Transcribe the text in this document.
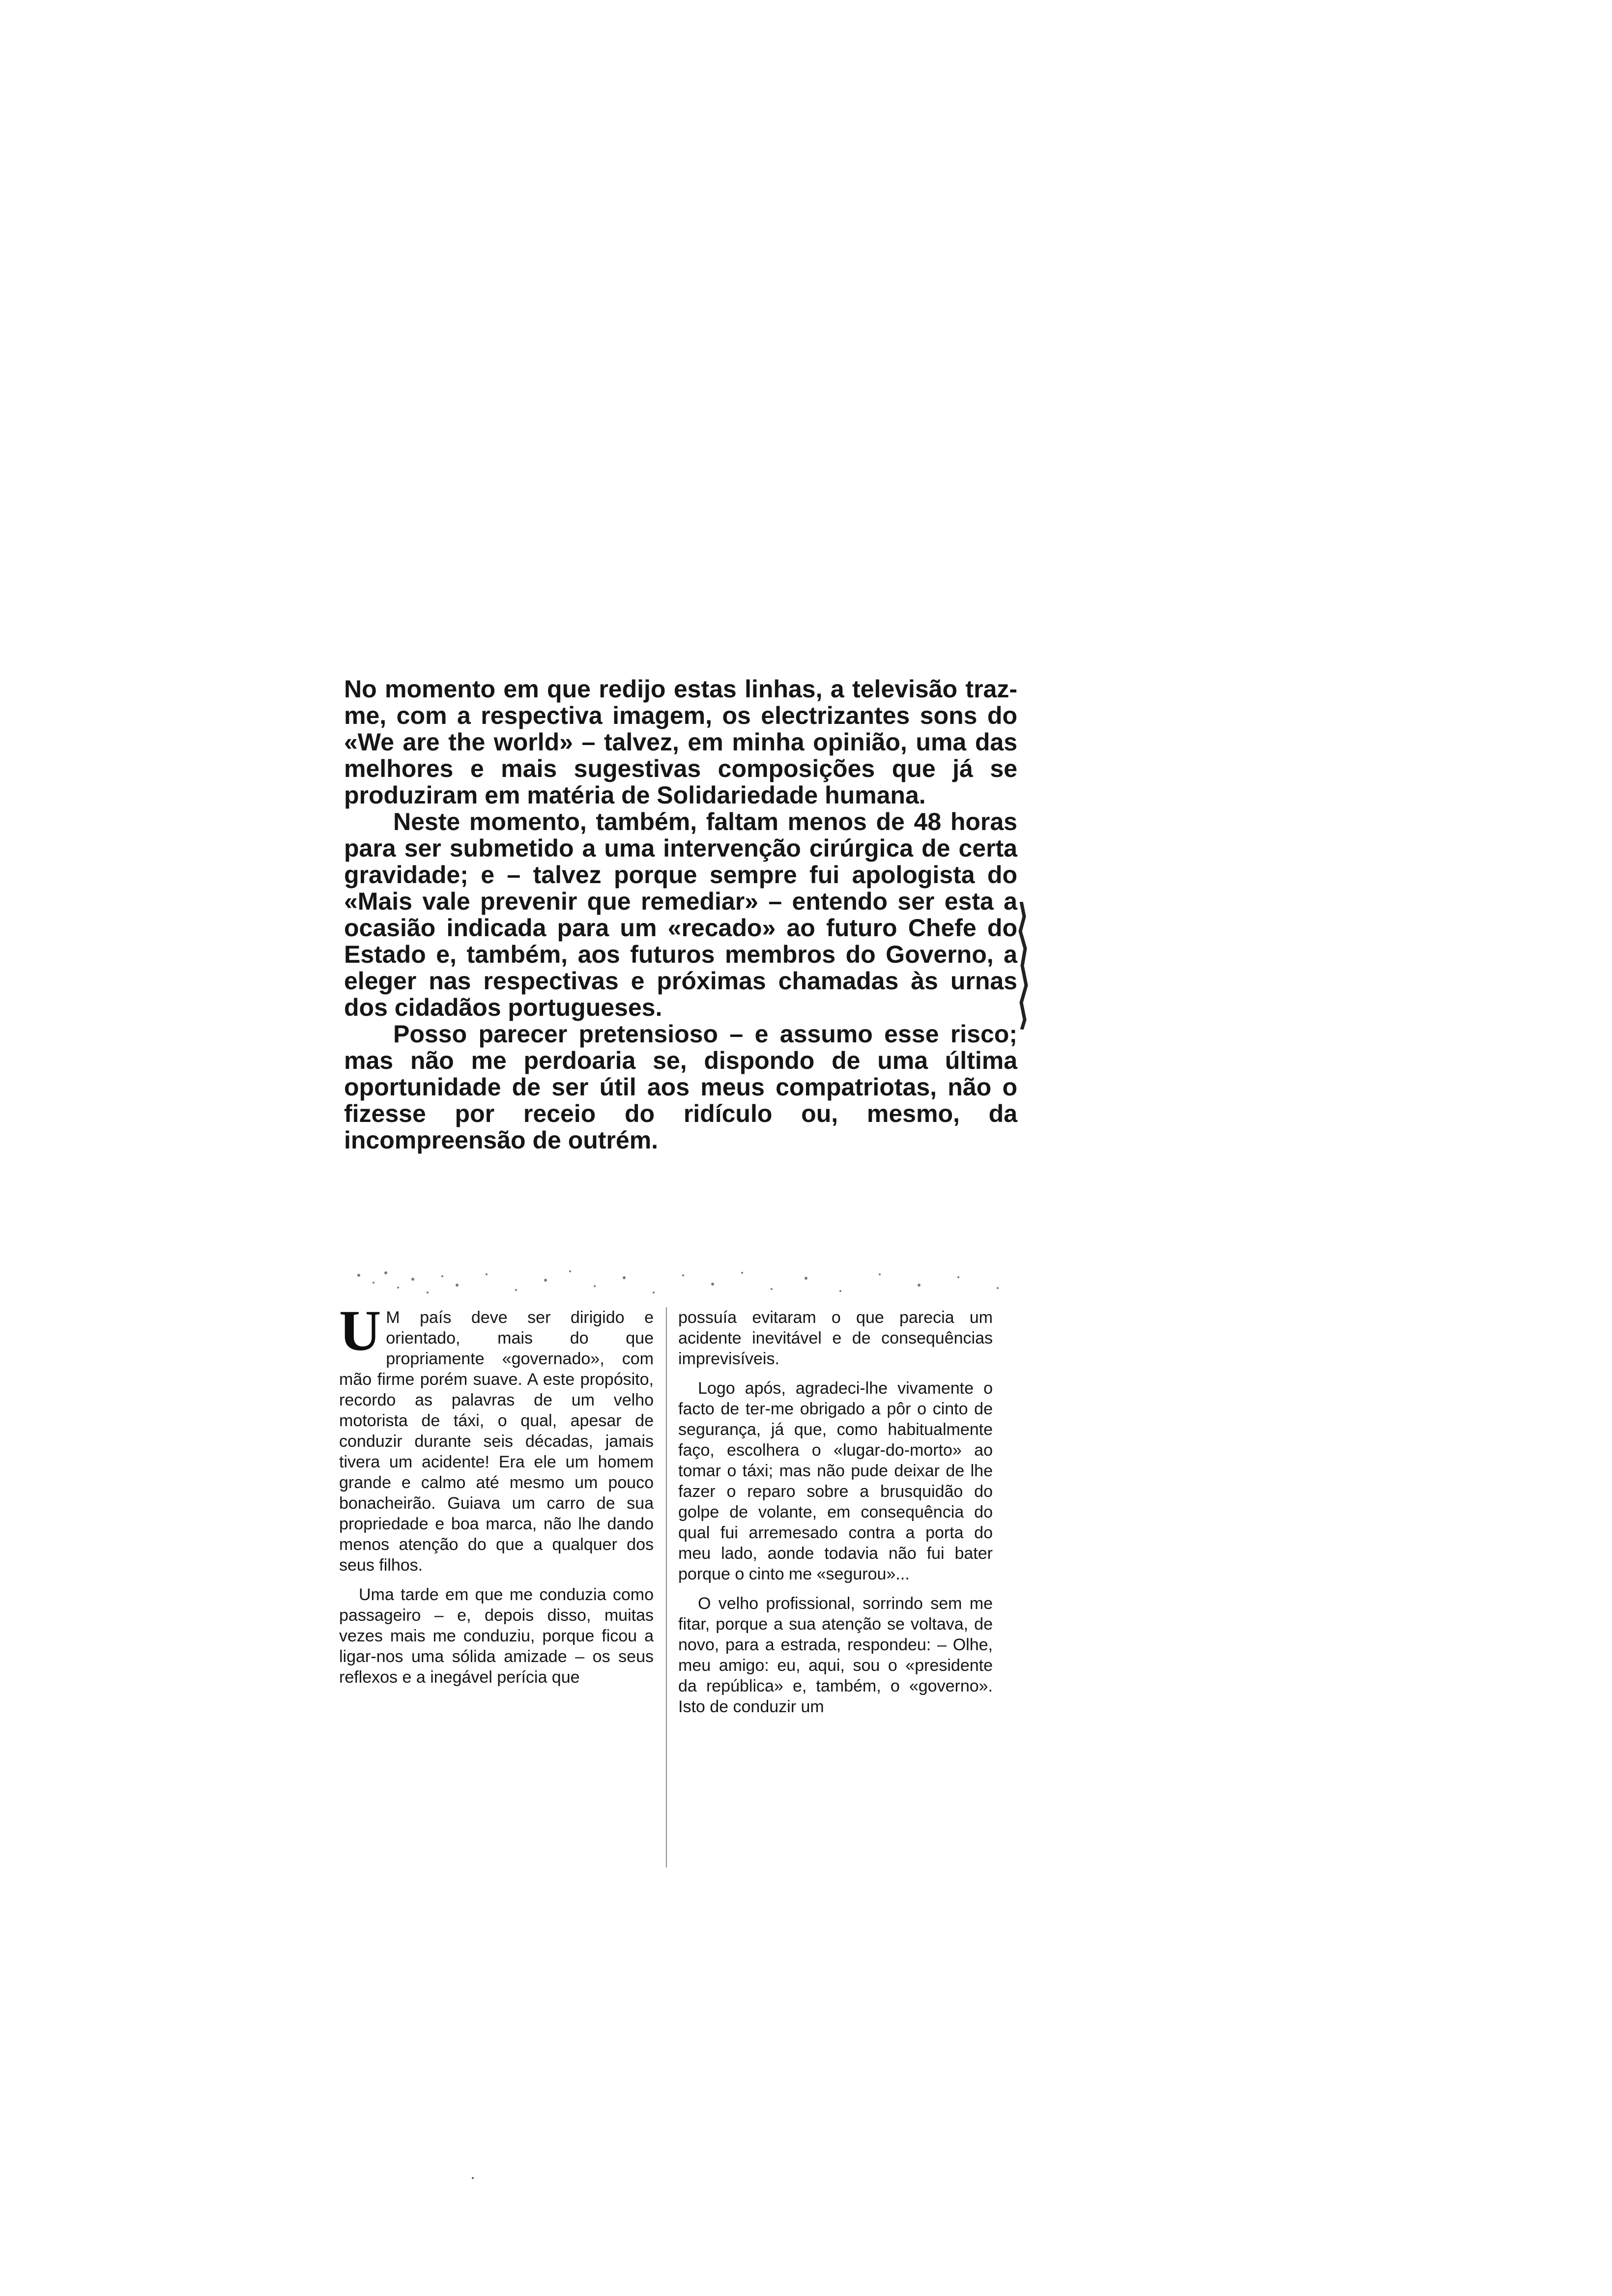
No momento em que redijo estas linhas, a televisão traz-me, com a respectiva imagem, os electrizantes sons do «We are the world» – talvez, em minha opinião, uma das melhores e mais sugestivas composições que já se produziram em matéria de Solidariedade humana.

Neste momento, também, faltam menos de 48 horas para ser submetido a uma intervenção cirúrgica de certa gravidade; e – talvez porque sempre fui apologista do «Mais vale prevenir que remediar» – entendo ser esta a ocasião indicada para um «recado» ao futuro Chefe do Estado e, também, aos futuros membros do Governo, a eleger nas respectivas e próximas chamadas às urnas dos cidadãos portugueses.

Posso parecer pretensioso – e assumo esse risco; mas não me perdoaria se, dispondo de uma última oportunidade de ser útil aos meus compatriotas, não o fizesse por receio do ridículo ou, mesmo, da incompreensão de outrém.

U M país deve ser dirigido e orientado, mais do que propriamente «governado», com mão firme porém suave. A este propósito, recordo as palavras de um velho motorista de táxi, o qual, apesar de conduzir durante seis décadas, jamais tivera um acidente! Era ele um homem grande e calmo até mesmo um pouco bonacheirão. Guiava um carro de sua propriedade e boa marca, não lhe dando menos atenção do que a qualquer dos seus filhos.

Uma tarde em que me conduzia como passageiro – e, depois disso, muitas vezes mais me conduziu, porque ficou a ligar-nos uma sólida amizade – os seus reflexos e a inegável perícia que

possuía evitaram o que parecia um acidente inevitável e de consequências imprevisíveis.

Logo após, agradeci-lhe vivamente o facto de ter-me obrigado a pôr o cinto de segurança, já que, como habitualmente faço, escolhera o «lugar-do-morto» ao tomar o táxi; mas não pude deixar de lhe fazer o reparo sobre a brusquidão do golpe de volante, em consequência do qual fui arremesado contra a porta do meu lado, aonde todavia não fui bater porque o cinto me «segurou»...

O velho profissional, sorrindo sem me fitar, porque a sua atenção se voltava, de novo, para a estrada, respondeu: – Olhe, meu amigo: eu, aqui, sou o «presidente da república» e, também, o «governo». Isto de conduzir um
